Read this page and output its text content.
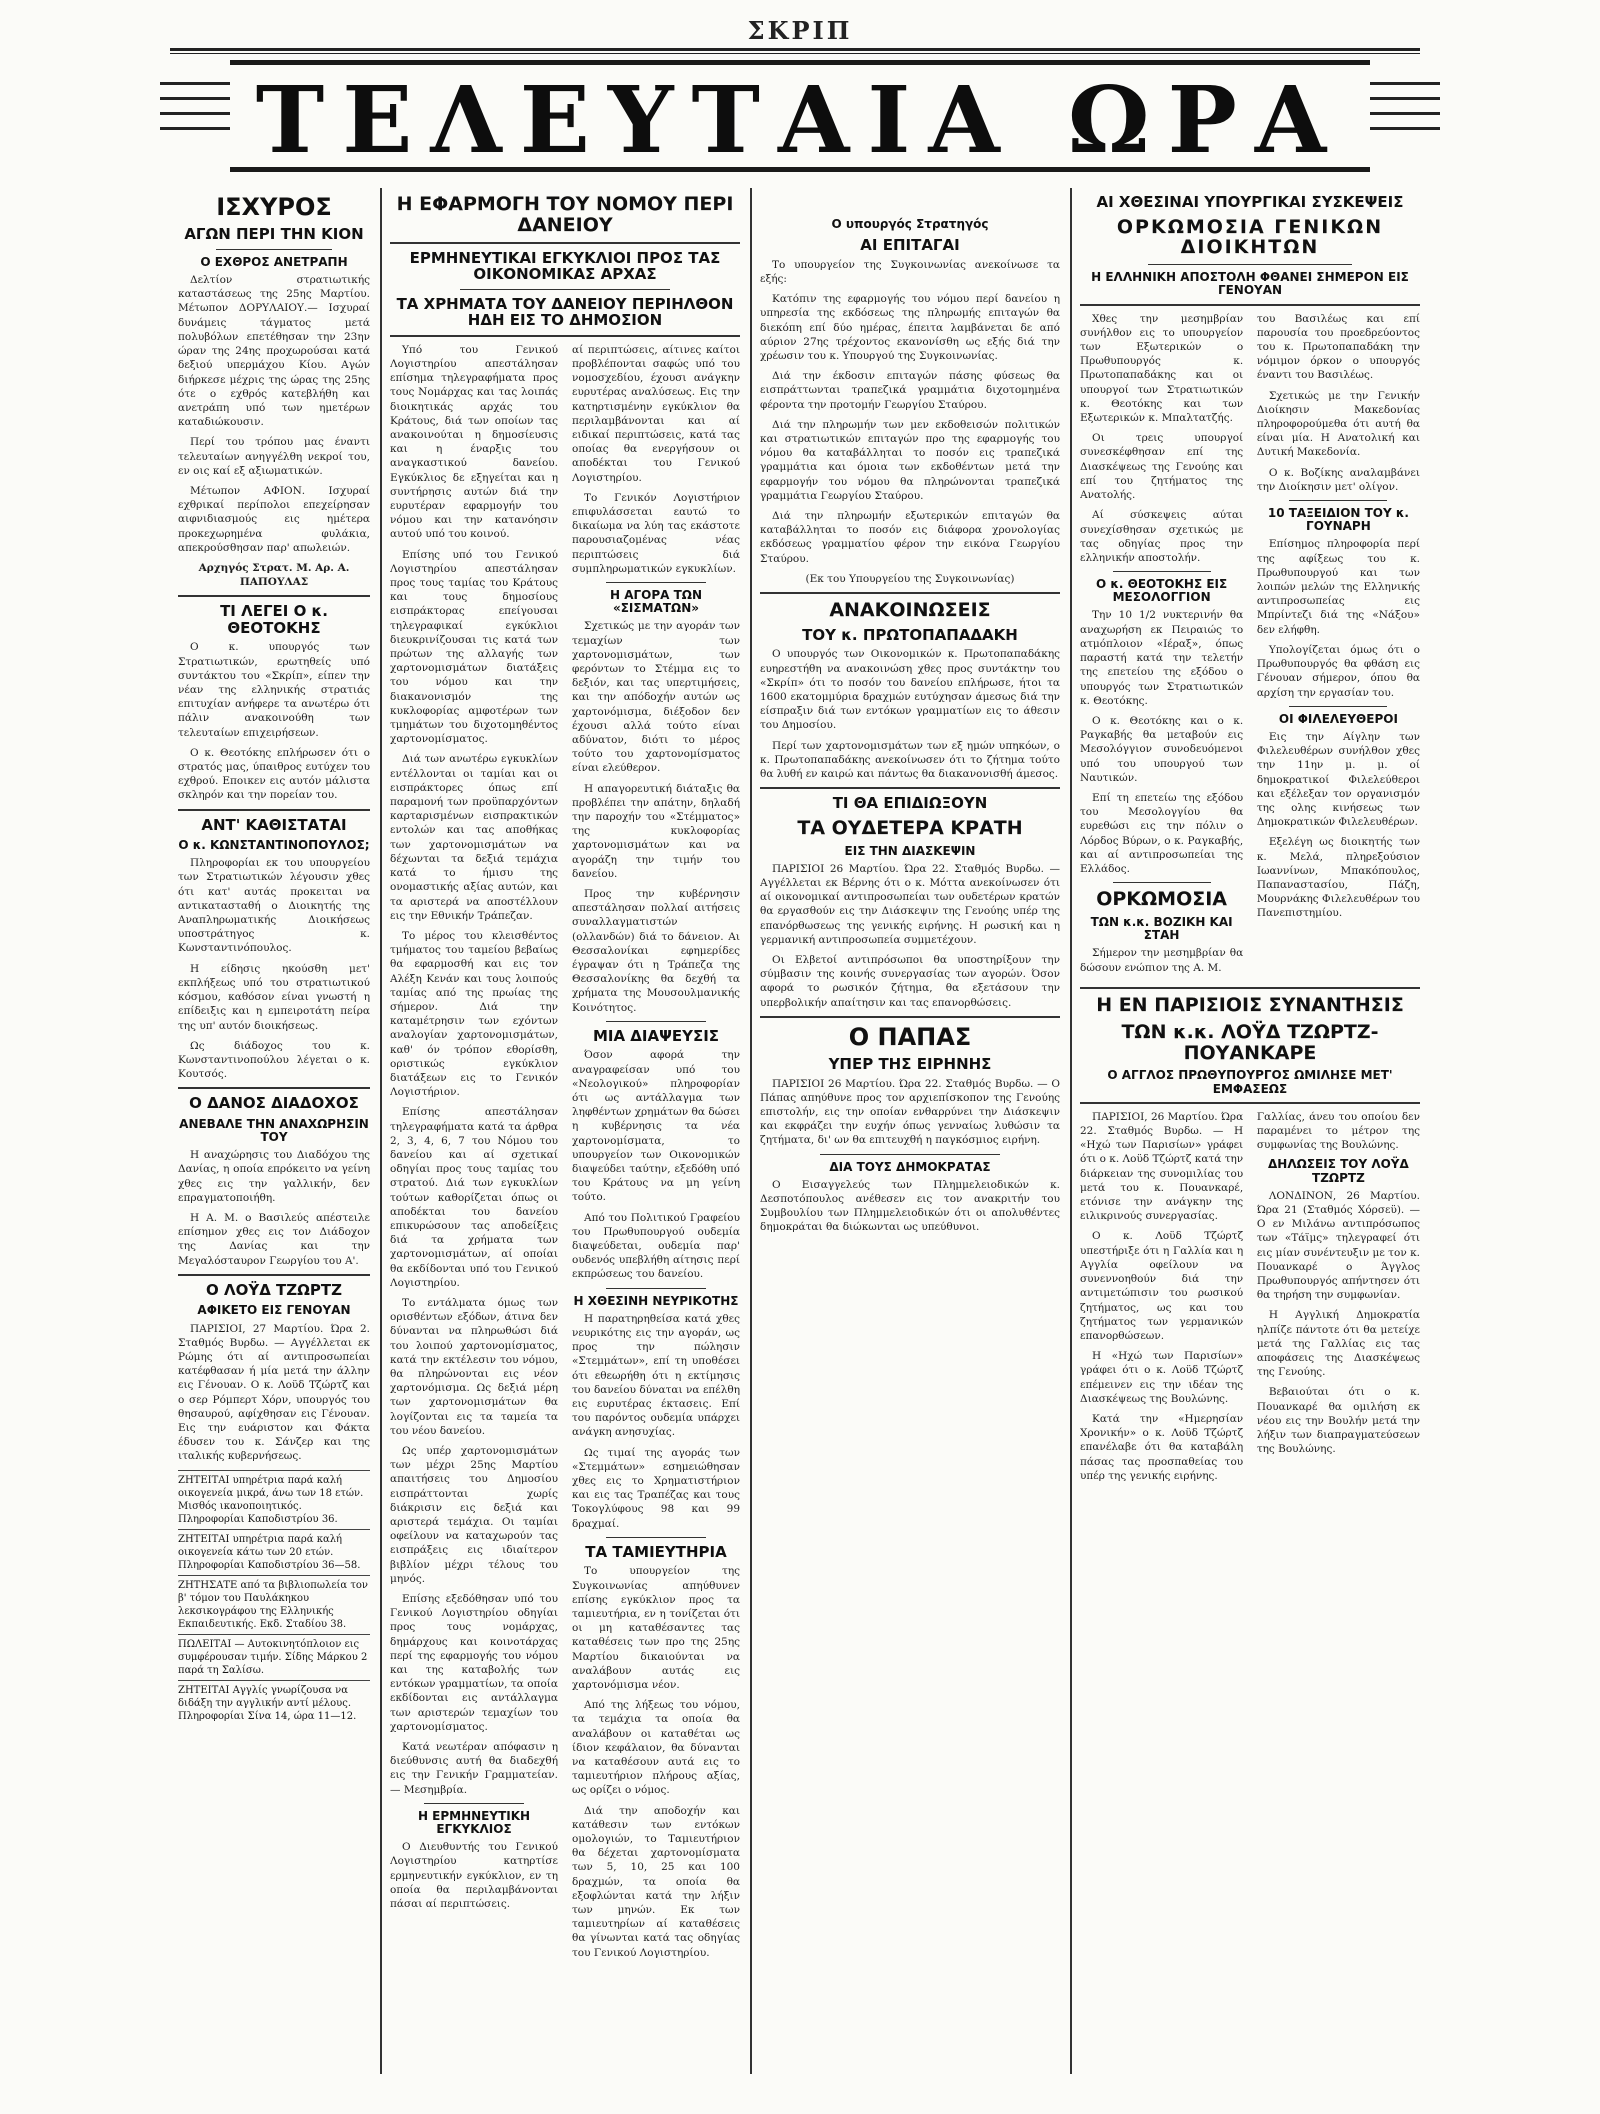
ΣΚΡΙΠ
ΤΕΛΕΥΤΑΙΑ ΩΡΑ
ΙΣΧΥΡΟΣ
ΑΓΩΝ ΠΕΡΙ ΤΗΝ ΚΙΟΝ
Ο ΕΧΘΡΟΣ ΑΝΕΤΡΑΠΗ

Δελτίον στρατιωτικής καταστάσεως της 25ης Μαρτίου. Μέτωπον ΔΟΡΥΛΑΙΟΥ.— Ισχυραί δυνάμεις τάγματος μετά πολυβόλων επετέθησαν την 23ην ώραν της 24ης προχωρούσαι κατά δεξιού υπερμάχου Κίου. Αγών διήρκεσε μέχρις της ώρας της 25ης ότε ο εχθρός κατεβλήθη και ανετράπη υπό των ημετέρων καταδιώκουσιν.

Περί του τρόπου μας έναντι τελευταίων ανηγγέλθη νεκροί του, εν οις καί εξ αξιωματικών.

Μέτωπον ΑΦΙΟΝ. Ισχυραί εχθρικαί περίπολοι επεχείρησαν αιφνιδιασμούς εις ημέτερα προκεχωρημένα φυλάκια, απεκρούσθησαν παρ' απωλειών.

Αρχηγός Στρατ. Μ. Αρ. Α. ΠΑΠΟΥΛΑΣ

ΤΙ ΛΕΓΕΙ Ο κ. ΘΕΟΤΟΚΗΣ

Ο κ. υπουργός των Στρατιωτικών, ερωτηθείς υπό συντάκτου του «Σκρίπ», είπεν την νέαν της ελληνικής στρατιάς επιτυχίαν ανήφερε τα ανωτέρω ότι πάλιν ανακοινούθη των τελευταίων επιχειρήσεων.

Ο κ. Θεοτόκης επλήρωσεν ότι ο στρατός μας, ύπαιθρος ευτύχεν του εχθρού. Εποικεν εις αυτόν μάλιστα σκληρόν και την πορείαν του.

ΑΝΤ' ΚΑΘΙΣΤΑΤΑΙ
Ο κ. ΚΩΝΣΤΑΝΤΙΝΟΠΟΥΛΟΣ;

Πληροφορίαι εκ του υπουργείου των Στρατιωτικών λέγουσιν χθες ότι κατ' αυτάς προκειται να αντικατασταθή ο Διοικητής της Αναπληρωματικής Διοικήσεως υποστράτηγος κ. Κωνσταντινόπουλος.

Η είδησις ηκούσθη μετ' εκπλήξεως υπό του στρατιωτικού κόσμου, καθόσον είναι γνωστή η επίδειξις και η εμπειροτάτη πείρα της υπ' αυτόν διοικήσεως.

Ως διάδοχος του κ. Κωνσταντινοπούλου λέγεται ο κ. Κουτσός.

Ο ΔΑΝΟΣ ΔΙΑΔΟΧΟΣ
ΑΝΕΒΑΛΕ ΤΗΝ ΑΝΑΧΩΡΗΣΙΝ ΤΟΥ

Η αναχώρησις του Διαδόχου της Δανίας, η οποία επρόκειτο να γείνη χθες εις την γαλλικήν, δεν επραγματοποιήθη.

Η Α. Μ. ο Βασιλεύς απέστειλε επίσημον χθες εις τον Διάδοχον της Δανίας και την Μεγαλόσταυρον Γεωργίου του Α'.

Ο ΛΟΫΔ ΤΖΩΡΤΖ
ΑΦΙΚΕΤΟ ΕΙΣ ΓΕΝΟΥΑΝ

ΠΑΡΙΣΙΟΙ, 27 Μαρτίου. Ώρα 2. Σταθμός Βυρδω. — Αγγέλλεται εκ Ρώμης ότι αί αντιπροσωπείαι κατέφθασαν ή μία μετά την άλλην εις Γένουαν. Ο κ. Λοϋδ Τζώρτζ και ο σερ Ρόμπερτ Χόρν, υπουργός του θησαυρού, αφίχθησαν εις Γένουαν. Εις την ευάριστον και Φάκτα έδυσεν του κ. Σάνζερ και της ιταλικής κυβερνήσεως.

ΖΗΤΕΙΤΑΙ υπηρέτρια παρά καλή οικογενεία μικρά, άνω των 18 ετών. Μισθός ικανοποιητικός. Πληροφορίαι Καποδιστρίου 36.
ΖΗΤΕΙΤΑΙ υπηρέτρια παρά καλή οικογενεία κάτω των 20 ετών. Πληροφορίαι Καποδιστρίου 36—58.
ΖΗΤΗΣΑΤΕ από τα βιβλιοπωλεία τον β' τόμον του Παυλάκηκου λεκσικογράφου της Ελληνικής Εκπαιδευτικής. Εκδ. Σταδίου 38.
ΠΩΛΕΙΤΑΙ — Αυτοκινητόπλοιον εις συμφέρουσαν τιμήν. Σίδης Μάρκου 2 παρά τη Σαλίσω.
ΖΗΤΕΙΤΑΙ Αγγλίς γνωρίζουσα να διδάξη την αγγλικήν αντί μέλους. Πληροφορίαι Σίνα 14, ώρα 11—12.
Η ΕΦΑΡΜΟΓΗ ΤΟΥ ΝΟΜΟΥ ΠΕΡΙ ΔΑΝΕΙΟΥ
ΕΡΜΗΝΕΥΤΙΚΑΙ ΕΓΚΥΚΛΙΟΙ ΠΡΟΣ ΤΑΣ ΟΙΚΟΝΟΜΙΚΑΣ ΑΡΧΑΣ
ΤΑ ΧΡΗΜΑΤΑ ΤΟΥ ΔΑΝΕΙΟΥ ΠΕΡΙΗΛΘΟΝ ΗΔΗ ΕΙΣ ΤΟ ΔΗΜΟΣΙΟΝ

Υπό του Γενικού Λογιστηρίου απεστάλησαν επίσημα τηλεγραφήματα προς τους Νομάρχας και τας λοιπάς διοικητικάς αρχάς του Κράτους, διά των οποίων τας ανακοινούται η δημοσίευσις και η έναρξις του αναγκαστικού δανείου. Εγκύκλιος δε εξηγείται και η συντήρησις αυτών διά την ευρυτέραν εφαρμογήν του νόμου και την κατανόησιν αυτού υπό του κοινού.

Επίσης υπό του Γενικού Λογιστηρίου απεστάλησαν προς τους ταμίας του Κράτους και τους δημοσίους εισπράκτορας επείγουσαι τηλεγραφικαί εγκύκλιοι διευκρινίζουσαι τις κατά των πρώτων της αλλαγής των χαρτονομισμάτων διατάξεις του νόμου και την διακανονισμόν της κυκλοφορίας αμφοτέρων των τμημάτων του διχοτομηθέντος χαρτονομίσματος.

Διά των ανωτέρω εγκυκλίων εντέλλονται οι ταμίαι και οι εισπράκτορες όπως επί παραμονή των προϋπαρχόντων καρταρισμένων εισπρακτικών εντολών και τας αποθήκας των χαρτονομισμάτων να δέχωνται τα δεξιά τεμάχια κατά το ήμισυ της ονομαστικής αξίας αυτών, και τα αριστερά να αποστέλλουν εις την Εθνικήν Τράπεζαν.

Το μέρος του κλεισθέντος τμήματος του ταμείου βεβαίως θα εφαρμοσθή και εις τον Αλέξη Κενάν και τους λοιπούς ταμίας από της πρωίας της σήμερον. Διά την καταμέτρησιν των εχόντων αναλογίαν χαρτονομισμάτων, καθ' όν τρόπον εθορίσθη, οριστικώς εγκύκλιον διατάξεων εις το Γενικόν Λογιστήριον.

Επίσης απεστάλησαν τηλεγραφήματα κατά τα άρθρα 2, 3, 4, 6, 7 του Νόμου του δανείου και αί σχετικαί οδηγίαι προς τους ταμίας του στρατού. Διά των εγκυκλίων τούτων καθορίζεται όπως οι αποδέκται του δανείου επικυρώσουν τας αποδείξεις διά τα χρήματα των χαρτονομισμάτων, αί οποίαι θα εκδίδονται υπό του Γενικού Λογιστηρίου.

Το εντάλματα όμως των ορισθέντων εξόδων, άτινα δεν δύνανται να πληρωθώσι διά του λοιπού χαρτονομίσματος, κατά την εκτέλεσιν του νόμου, θα πληρώνονται εις νέον χαρτονόμισμα. Ως δεξιά μέρη των χαρτονομισμάτων θα λογίζονται εις τα ταμεία τα του νέου δανείου.

Ως υπέρ χαρτονομισμάτων των μέχρι 25ης Μαρτίου απαιτήσεις του Δημοσίου εισπράττονται χωρίς διάκρισιν εις δεξιά και αριστερά τεμάχια. Οι ταμίαι οφείλουν να καταχωρούν τας εισπράξεις εις ιδιαίτερον βιβλίον μέχρι τέλους του μηνός.

Επίσης εξεδόθησαν υπό του Γενικού Λογιστηρίου οδηγίαι προς τους νομάρχας, δημάρχους και κοινοτάρχας περί της εφαρμογής του νόμου και της καταβολής των εντόκων γραμματίων, τα οποία εκδίδονται εις αντάλλαγμα των αριστερών τεμαχίων του χαρτονομίσματος.

Κατά νεωτέραν απόφασιν η διεύθυνσις αυτή θα διαδεχθή εις την Γενικήν Γραμματείαν. — Μεσημβρία.

Η ΕΡΜΗΝΕΥΤΙΚΗ ΕΓΚΥΚΛΙΟΣ

Ο Διευθυντής του Γενικού Λογιστηρίου κατηρτίσε ερμηνευτικήν εγκύκλιον, εν τη οποία θα περιλαμβάνονται πάσαι αί περιπτώσεις.

αί περιπτώσεις, αίτινες καίτοι προβλέπονται σαφώς υπό του νομοσχεδίου, έχουσι ανάγκην ευρυτέρας αναλύσεως. Εις την κατηρτισμένην εγκύκλιον θα περιλαμβάνονται και αί ειδικαί περιπτώσεις, κατά τας οποίας θα ενεργήσουν οι αποδέκται του Γενικού Λογιστηρίου.

Το Γενικόν Λογιστήριον επιφυλάσσεται εαυτώ το δικαίωμα να λύη τας εκάστοτε παρουσιαζομένας νέας περιπτώσεις διά συμπληρωματικών εγκυκλίων.

Η ΑΓΟΡΑ ΤΩΝ «ΣΙΣΜΑΤΩΝ»

Σχετικώς με την αγοράν των τεμαχίων των χαρτονομισμάτων, των φερόντων το Στέμμα εις το δεξιόν, και τας υπερτιμήσεις, και την απόδοχήν αυτών ως χαρτονόμισμα, διέξοδον δεν έχουσι αλλά τούτο είναι αδύνατον, διότι το μέρος τούτο του χαρτονομίσματος είναι ελεύθερον.

Η απαγορευτική διάταξις θα προβλέπει την απάτην, δηλαδή την παροχήν του «Στέμματος» της κυκλοφορίας χαρτονομισμάτων και να αγοράζη την τιμήν του δανείου.

Προς την κυβέρνησιν απεστάλησαν πολλαί αιτήσεις συναλλαγματιστών (ολλανδών) διά το δάνειον. Αι Θεσσαλονίκαι εφημερίδες έγραψαν ότι η Τράπεζα της Θεσσαλονίκης θα δεχθή τα χρήματα της Μουσουλμανικής Κοινότητος.

ΜΙΑ ΔΙΑΨΕΥΣΙΣ

Όσον αφορά την αναγραφείσαν υπό του «Νεολογικού» πληροφορίαν ότι ως αντάλλαγμα των ληφθέντων χρημάτων θα δώσει η κυβέρνησις τα νέα χαρτονομίσματα, το υπουργείον των Οικονομικών διαψεύδει ταύτην, εξεδόθη υπό του Κράτους να μη γείνη τούτο.

Από του Πολιτικού Γραφείου του Πρωθυπουργού ουδεμία διαψεύδεται, ουδεμία παρ' ουδενός υπεβλήθη αίτησις περί εκπρώσεως του δανείου.

Η ΧΘΕΣΙΝΗ ΝΕΥΡΙΚΟΤΗΣ

Η παρατηρηθείσα κατά χθες νευρικότης εις την αγοράν, ως προς την πώλησιν «Στεμμάτων», επί τη υποθέσει ότι εθεωρήθη ότι η εκτίμησις του δανείου δύναται να επέλθη εις ευρυτέρας έκτασεις. Επί του παρόντος ουδεμία υπάρχει ανάγκη ανησυχίας.

Ως τιμαί της αγοράς των «Στεμμάτων» εσημειώθησαν χθες εις το Χρηματιστήριον και εις τας Τραπέζας και τους Τοκογλύφους 98 και 99 δραχμαί.

ΤΑ ΤΑΜΙΕΥΤΗΡΙΑ

Το υπουργείον της Συγκοινωνίας απηύθυνεν επίσης εγκύκλιον προς τα ταμιευτήρια, εν η τονίζεται ότι οι μη καταθέσαντες τας καταθέσεις των προ της 25ης Μαρτίου δικαιούνται να αναλάβουν αυτάς εις χαρτονόμισμα νέον.

Από της λήξεως του νόμου, τα τεμάχια τα οποία θα αναλάβουν οι καταθέται ως ίδιον κεφάλαιον, θα δύνανται να καταθέσουν αυτά εις το ταμιευτήριον πλήρους αξίας, ως ορίζει ο νόμος.

Διά την αποδοχήν και κατάθεσιν των εντόκων ομολογιών, το Ταμιευτήριον θα δέχεται χαρτονομίσματα των 5, 10, 25 και 100 δραχμών, τα οποία θα εξοφλώνται κατά την λήξιν των μηνών. Εκ των ταμιευτηρίων αί καταθέσεις θα γίνωνται κατά τας οδηγίας του Γενικού Λογιστηρίου.

Ο υπουργός Στρατηγός
ΑΙ ΕΠΙΤΑΓΑΙ

Το υπουργείον της Συγκοινωνίας ανεκοίνωσε τα εξής:

Κατόπιν της εφαρμογής του νόμου περί δανείου η υπηρεσία της εκδόσεως της πληρωμής επιταγών θα διεκόπη επί δύο ημέρας, έπειτα λαμβάνεται δε από αύριον 27ης τρέχοντος εκανονίσθη ως εξής διά την χρέωσιν του κ. Υπουργού της Συγκοινωνίας.

Διά την έκδοσιν επιταγών πάσης φύσεως θα εισπράττωνται τραπεζικά γραμμάτια διχοτομημένα φέροντα την προτομήν Γεωργίου Σταύρου.

Διά την πληρωμήν των μεν εκδοθεισών πολιτικών και στρατιωτικών επιταγών προ της εφαρμογής του νόμου θα καταβάλληται το ποσόν εις τραπεζικά γραμμάτια και όμοια των εκδοθέντων μετά την εφαρμογήν του νόμου θα πληρώνονται τραπεζικά γραμμάτια Γεωργίου Σταύρου.

Διά την πληρωμήν εξωτερικών επιταγών θα καταβάλληται το ποσόν εις διάφορα χρονολογίας εκδόσεως γραμματίου φέρον την εικόνα Γεωργίου Σταύρου.

(Εκ του Υπουργείου της Συγκοινωνίας)

ΑΝΑΚΟΙΝΩΣΕΙΣ
ΤΟΥ κ. ΠΡΩΤΟΠΑΠΑΔΑΚΗ

Ο υπουργός των Οικονομικών κ. Πρωτοπαπαδάκης ευηρεστήθη να ανακοινώση χθες προς συντάκτην του «Σκρίπ» ότι το ποσόν του δανείου επλήρωσε, ήτοι τα 1600 εκατομμύρια δραχμών ευτύχησαν άμεσως διά την είσπραξιν διά των εντόκων γραμματίων εις το άθεσιν του Δημοσίου.

Περί των χαρτονομισμάτων των εξ ημών υπηκόων, ο κ. Πρωτοπαπαδάκης ανεκοίνωσεν ότι το ζήτημα τούτο θα λυθή εν καιρώ και πάντως θα διακανονισθή άμεσος.

ΤΙ ΘΑ ΕΠΙΔΙΩΞΟΥΝ
ΤΑ ΟΥΔΕΤΕΡΑ ΚΡΑΤΗ
ΕΙΣ ΤΗΝ ΔΙΑΣΚΕΨΙΝ

ΠΑΡΙΣΙΟΙ 26 Μαρτίου. Ώρα 22. Σταθμός Βυρδω. — Αγγέλλεται εκ Βέρνης ότι ο κ. Μόττα ανεκοίνωσεν ότι αί οικονομικαί αντιπροσωπείαι των ουδετέρων κρατών θα εργασθούν εις την Διάσκεψιν της Γενούης υπέρ της επανόρθωσεως της γενικής ειρήνης. Η ρωσική και η γερμανική αντιπροσωπεία συμμετέχουν.

Οι Ελβετοί αντιπρόσωποι θα υποστηρίξουν την σύμβασιν της κοινής συνεργασίας των αγορών. Όσον αφορά το ρωσικόν ζήτημα, θα εξετάσουν την υπερβολικήν απαίτησιν και τας επανορθώσεις.

Ο ΠΑΠΑΣ
ΥΠΕΡ ΤΗΣ ΕΙΡΗΝΗΣ

ΠΑΡΙΣΙΟΙ 26 Μαρτίου. Ώρα 22. Σταθμός Βυρδω. — Ο Πάπας απηύθυνε προς τον αρχιεπίσκοπον της Γενούης επιστολήν, εις την οποίαν ενθαρρύνει την Διάσκεψιν και εκφράζει την ευχήν όπως γενναίως λυθώσιν τα ζητήματα, δι' ων θα επιτευχθή η παγκόσμιος ειρήνη.

ΔΙΑ ΤΟΥΣ ΔΗΜΟΚΡΑΤΑΣ

Ο Εισαγγελεύς των Πλημμελειοδικών κ. Δεσποτόπουλος ανέθεσεν εις τον ανακριτήν του Συμβουλίου των Πλημμελειοδικών ότι οι απολυθέντες δημοκράται θα διώκωνται ως υπεύθυνοι.

ΑΙ ΧΘΕΣΙΝΑΙ ΥΠΟΥΡΓΙΚΑΙ ΣΥΣΚΕΨΕΙΣ
ΟΡΚΩΜΟΣΙΑ ΓΕΝΙΚΩΝ ΔΙΟΙΚΗΤΩΝ
Η ΕΛΛΗΝΙΚΗ ΑΠΟΣΤΟΛΗ ΦΘΑΝΕΙ ΣΗΜΕΡΟΝ ΕΙΣ ΓΕΝΟΥΑΝ

Χθες την μεσημβρίαν συνήλθον εις το υπουργείον των Εξωτερικών ο Πρωθυπουργός κ. Πρωτοπαπαδάκης και οι υπουργοί των Στρατιωτικών κ. Θεοτόκης και των Εξωτερικών κ. Μπαλτατζής.

Οι τρεις υπουργοί συνεσκέφθησαν επί της Διασκέψεως της Γενούης και επί του ζητήματος της Ανατολής.

Αί σύσκεψεις αύται συνεχίσθησαν σχετικώς με τας οδηγίας προς την ελληνικήν αποστολήν.

Ο κ. ΘΕΟΤΟΚΗΣ ΕΙΣ ΜΕΣΟΛΟΓΓΙΟΝ

Την 10 1/2 νυκτερινήν θα αναχωρήση εκ Πειραιώς το ατμόπλοιον «Ιέραξ», όπως παραστή κατά την τελετήν της επετείου της εξόδου ο υπουργός των Στρατιωτικών κ. Θεοτόκης.

Ο κ. Θεοτόκης και ο κ. Ραγκαβής θα μεταβούν εις Μεσολόγγιον συνοδευόμενοι υπό του υπουργού των Ναυτικών.

Επί τη επετείω της εξόδου του Μεσολογγίου θα ευρεθώσι εις την πόλιν ο Λόρδος Βύρων, ο κ. Ραγκαβής, και αί αντιπροσωπείαι της Ελλάδος.

ΟΡΚΩΜΟΣΙΑ
ΤΩΝ κ.κ. ΒΟΖΙΚΗ ΚΑΙ ΣΤΑΗ

Σήμερον την μεσημβρίαν θα δώσουν ενώπιον της Α. Μ.

του Βασιλέως και επί παρουσία του προεδρεύοντος του κ. Πρωτοπαπαδάκη την νόμιμον όρκον ο υπουργός έναντι του Βασιλέως.

Σχετικώς με την Γενικήν Διοίκησιν Μακεδονίας πληροφορούμεθα ότι αυτή θα είναι μία. Η Ανατολική και Δυτική Μακεδονία.

Ο κ. Βοζίκης αναλαμβάνει την Διοίκησιν μετ' ολίγον.

10 ΤΑΞΕΙΔΙΟΝ ΤΟΥ κ. ΓΟΥΝΑΡΗ

Επίσημος πληροφορία περί της αφίξεως του κ. Πρωθυπουργού και των λοιπών μελών της Ελληνικής αντιπροσωπείας εις Μπρίντεζι διά της «Νάξου» δεν ελήφθη.

Υπολογίζεται όμως ότι ο Πρωθυπουργός θα φθάση εις Γένουαν σήμερον, όπου θα αρχίση την εργασίαν του.

ΟΙ ΦΙΛΕΛΕΥΘΕΡΟΙ

Εις την Αίγλην των Φιλελευθέρων συνήλθον χθες την 11ην μ. μ. οί δημοκρατικοί Φιλελεύθεροι και εξέλεξαν τον οργανισμόν της ολης κινήσεως των Δημοκρατικών Φιλελευθέρων.

Εξελέγη ως διοικητής των κ. Μελά, πληρεξούσιον Ιωαννίνων, Μπακόπουλος, Παπαναστασίου, Πάζη, Μουρνάκης Φιλελευθέρων του Πανεπιστημίου.

Η ΕΝ ΠΑΡΙΣΙΟΙΣ ΣΥΝΑΝΤΗΣΙΣ
ΤΩΝ κ.κ. ΛΟΫΔ ΤΖΩΡΤΖ-ΠΟΥΑΝΚΑΡΕ
Ο ΑΓΓΛΟΣ ΠΡΩΘΥΠΟΥΡΓΟΣ ΩΜΙΛΗΣΕ ΜΕΤ' ΕΜΦΑΣΕΩΣ

ΠΑΡΙΣΙΟΙ, 26 Μαρτίου. Ώρα 22. Σταθμός Βυρδω. — Η «Ηχώ των Παρισίων» γράφει ότι ο κ. Λοϋδ Τζώρτζ κατά την διάρκειαν της συνομιλίας του μετά του κ. Πουανκαρέ, ετόνισε την ανάγκην της ειλικρινούς συνεργασίας.

Ο κ. Λοϋδ Τζώρτζ υπεστήριξε ότι η Γαλλία και η Αγγλία οφείλουν να συνεννοηθούν διά την αντιμετώπισιν του ρωσικού ζητήματος, ως και του ζητήματος των γερμανικών επανορθώσεων.

Η «Ηχώ των Παρισίων» γράφει ότι ο κ. Λοϋδ Τζώρτζ επέμεινεν εις την ιδέαν της Διασκέψεως της Βουλώνης.

Κατά την «Ημερησίαν Χρονικήν» ο κ. Λοϋδ Τζώρτζ επανέλαβε ότι θα καταβάλη πάσας τας προσπαθείας του υπέρ της γενικής ειρήνης.

Γαλλίας, άνευ του οποίου δεν παραμένει το μέτρον της συμφωνίας της Βουλώνης.

ΔΗΛΩΣΕΙΣ ΤΟΥ ΛΟΫΔ ΤΖΩΡΤΖ

ΛΟΝΔΙΝΟΝ, 26 Μαρτίου. Ώρα 21 (Σταθμός Χόρσεϋ). — Ο εν Μιλάνω αντιπρόσωπος των «Τάϊμς» τηλεγραφεί ότι εις μίαν συνέντευξιν με τον κ. Πουανκαρέ ο Άγγλος Πρωθυπουργός απήντησεν ότι θα τηρήση την συμφωνίαν.

Η Αγγλική Δημοκρατία ηλπίζε πάντοτε ότι θα μετείχε μετά της Γαλλίας εις τας αποφάσεις της Διασκέψεως της Γενούης.

Βεβαιούται ότι ο κ. Πουανκαρέ θα ομιλήση εκ νέου εις την Βουλήν μετά την λήξιν των διαπραγματεύσεων της Βουλώνης.
